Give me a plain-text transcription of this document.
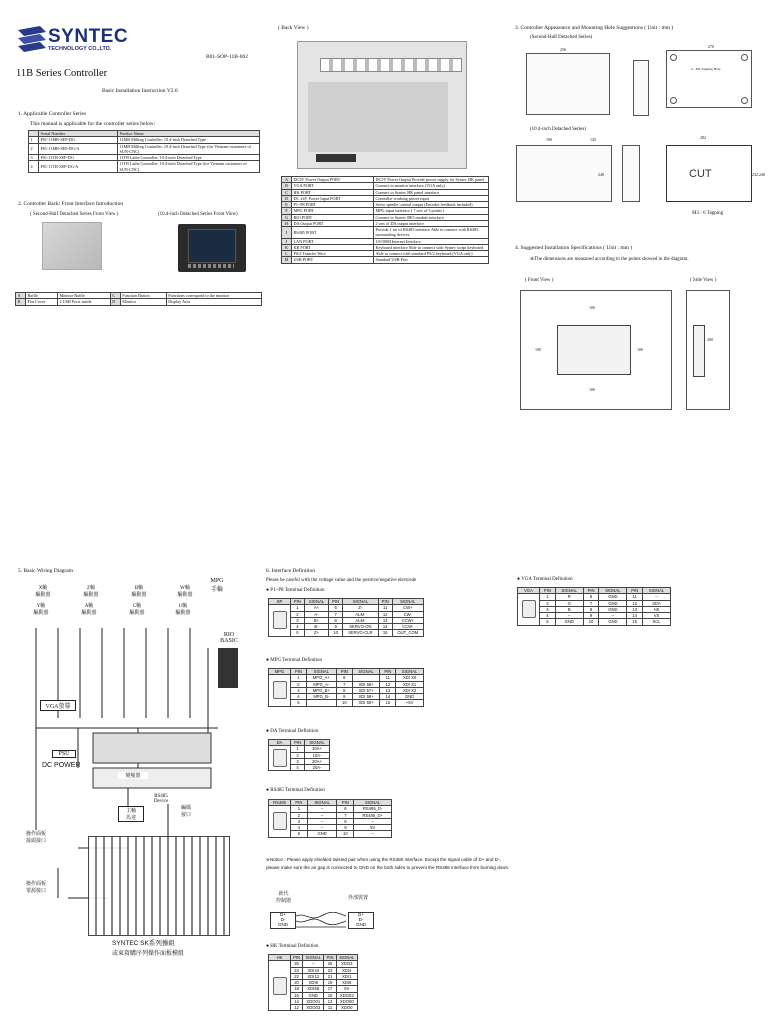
SYNTEC
TECHNOLOGY CO.,LTD.
B01-SOP-11B-002
11B Series Controller
Basic Installation Instruction V2.0
1. Applicable Controller Series
This manual is applicable for the controller series below:
	Serial Number	Product Name
1	P01-11MB-SEP-DG	11MB Milling Controller, 10.4-inch Detached Type
2	P01-11MB-SEP-DG-A	11MB Milling Controller, 10.4-inch Detached Type (for Vietnam customers of SUN-CNC)
3	P01-11TB-SEP-DG	11TB Lathe Controller, 10.4-inch Detached Type
4	P01-11TB-SEP-DG-A	11TB Lathe Controller, 10.4-inch Detached Type (for Vietnam customers of SUN-CNC)
2. Controller Back/ Front Interface Introduction
( Second-Half Detached Series Front View )	(10.4-inch Detached Series Front View)
A	Baffle	Monitor Baffle	C	Function Button	Functions correspond to the monitor
B	Flat Cover	2 USB Ports inside	D	Monitor	Display Area
( Back View )
A	DC5V Power Output PORT	DC5V Power Output Provide power supply for Syntec HK panel
B	VGA PORT	Connect to monitor interface (VGA only)
C	HK PORT	Connect to Syntec HK panel interface
D	DC 24V Power Input PORT	Controller working power input
E	P1~P8 PORT	Servo spindle control output (Encoder feedback included)
F	MPG PORT	MPG input interface ( 7 sets of 3 points )
G	RIO PORT	Connect to Syntec RIO module interface
H	DA Output PORT	2 sets of DA output interface
I	RS485 PORT	Provide 1 set of RS485 interface Able to connect with RS485 surrounding devices
J	LAN PORT	10/100M Internet Interface
K	KB PORT	Keyboard interface Able to connect with Syntec script keyboard
L	PS/2 Transfer Wire	Able to connect with standard PS/2 keyboard (VGA only)
M	USB PORT	Standard USB Port
3. Controller Appearance and Mounting Hole Suggestions ( Unit : mm )
(Second-Half Detached Series)
4 - M4 Tapping Hole
270
256
(10.4-inch Detached Series)
CUT
282
100	145
240	232.240
M3 - 6 Tapping
4. Suggested Installation Specifications ( Unit : mm )
※The dimensions are measured according to the points showed in the diagram.
( Front View )	( Side View )
100
100	100
100
200
5. Basic Wiring Diagram
X軸
驅動器
Y軸
驅動器
Z軸
驅動器
A軸
驅動器
B軸
驅動器
C軸
驅動器
W軸
驅動器
U軸
驅動器
MPG
手輪
RIO
BASIC
VGA螢幕
PSU
DC POWER
變頻器
RS485
Device
主軸
馬達
編碼
接口
操作面板
接頭接口
操作面板
電源接口
SYNTEC SK系列操組
或東資購序列操作面板模組
6. Interface Definition
Please be careful with the voltage value and the positive/negative electrode
● P1~P8 Terminal Definition
SP	PIN	SIGNAL	PIN	SIGNAL	PIN	SIGNAL

	1	A+	6	Z-	11	CW+
	2	A-	7	ALM-	12	CW-
	3	B+	8	ALM-	13	CCW+
	4	B-	9	SERVO-ON	14	CCW-
	5	Z+	10	SERVO-CLR	15	OUT_COM
● MPG Terminal Definition
MPG	PIN	SIGNAL	PIN	SIGNAL	PIN	SIGNAL

	1	MPG_A+	6		11	XDI X0
	2	MPG_A-	7	XDI 56+	12	XDI X1
	3	MPG_B+	8	XDI 57+	13	XDI X2
	4	MPG_B-	9	XDI 58+	14	GND
	5		10	XDI 59+	15	+5V
● DA Terminal Definition
DA	PIN	SIGNAL

	1	10A+
	2	10A-
	3	20A+
	4	20A-
● RS485 Terminal Definition
RS485	PIN	SIGNAL	PIN	SIGNAL

	1	--	6	RS485_D-
	2	--	7	RS485_D+
	3	--	8	--
	4	--	9	5V
	5	GND	10	--
※Notice : Please apply shielded twisted pair when using the RS485 interface. Except the signal cable of D+ and D-, please make sure the air gap is connected to GND on the both sides to prevent the RS485 interface from burning down.
新代
控制器	外部裝置
D+
D-
GND
D+
D-
GND
● HK Terminal Definition
HK	PIN	SIGNAL	PIN	SIGNAL

	26	--	25	XDO3
	24	XDI44	23	XDI4
	22	XDI12	21	XDI1
	20	XDI9	19	XDI8
	18	XDI4B	17	5V
	16	GND	15	XDO02
	14	XDO01	13	XDO00
	12	XDO03	11	XDO0
● VGA Terminal Definition
VGA	PIN	SIGNAL	PIN	SIGNAL	PIN	SIGNAL

	1	R	6	GND	11	--
	2	G	7	GND	12	SDA
	3	B	8	GND	13	HS
	4	--	9	--	14	VS
	5	GND	10	GND	15	SCL
